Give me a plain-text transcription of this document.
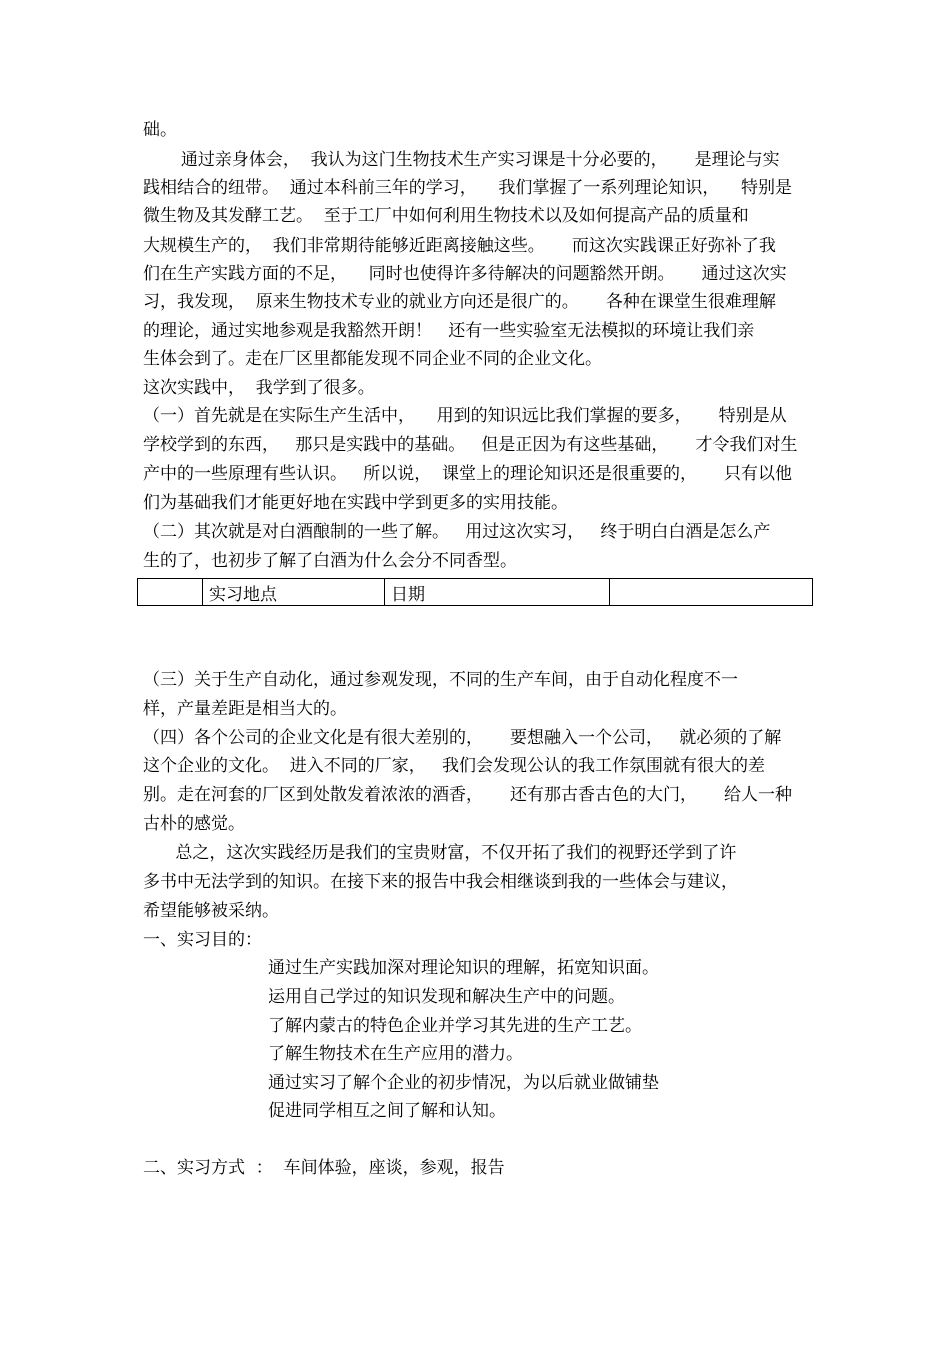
础。
通过亲身体会，  我认为这门生物技术生产实习课是十分必要的，     是理论与实
践相结合的纽带。  通过本科前三年的学习，    我们掌握了一系列理论知识，    特别是
微生物及其发酵工艺。  至于工厂中如何利用生物技术以及如何提高产品的质量和
大规模生产的，  我们非常期待能够近距离接触这些。     而这次实践课正好弥补了我
们在生产实践方面的不足，    同时也使得许多待解决的问题豁然开朗。     通过这次实
习，我发现，  原来生物技术专业的就业方向还是很广的。     各种在课堂生很难理解
的理论，通过实地参观是我豁然开朗！   还有一些实验室无法模拟的环境让我们亲
生体会到了。走在厂区里都能发现不同企业不同的企业文化。
这次实践中，  我学到了很多。
（一）首先就是在实际生产生活中，    用到的知识远比我们掌握的要多，     特别是从
学校学到的东西，   那只是实践中的基础。   但是正因为有这些基础，     才令我们对生
产中的一些原理有些认识。   所以说，  课堂上的理论知识还是很重要的，     只有以他
们为基础我们才能更好地在实践中学到更多的实用技能。
（二）其次就是对白酒酿制的一些了解。   用过这次实习，   终于明白白酒是怎么产
生的了，也初步了解了白酒为什么会分不同香型。
	实习地点	日期	
（三）关于生产自动化，通过参观发现，不同的生产车间，由于自动化程度不一
样，产量差距是相当大的。
（四）各个公司的企业文化是有很大差别的，     要想融入一个公司，   就必须的了解
这个企业的文化。  进入不同的厂家，   我们会发现公认的我工作氛围就有很大的差
别。走在河套的厂区到处散发着浓浓的酒香，     还有那古香古色的大门，     给人一种
古朴的感觉。
总之，这次实践经历是我们的宝贵财富，不仅开拓了我们的视野还学到了许
多书中无法学到的知识。在接下来的报告中我会相继谈到我的一些体会与建议，
希望能够被采纳。
一、实习目的：
通过生产实践加深对理论知识的理解，拓宽知识面。
运用自己学过的知识发现和解决生产中的问题。
了解内蒙古的特色企业并学习其先进的生产工艺。
了解生物技术在生产应用的潜力。
通过实习了解个企业的初步情况，为以后就业做铺垫
促进同学相互之间了解和认知。
二、实习方式  ：  车间体验，座谈，参观，报告
